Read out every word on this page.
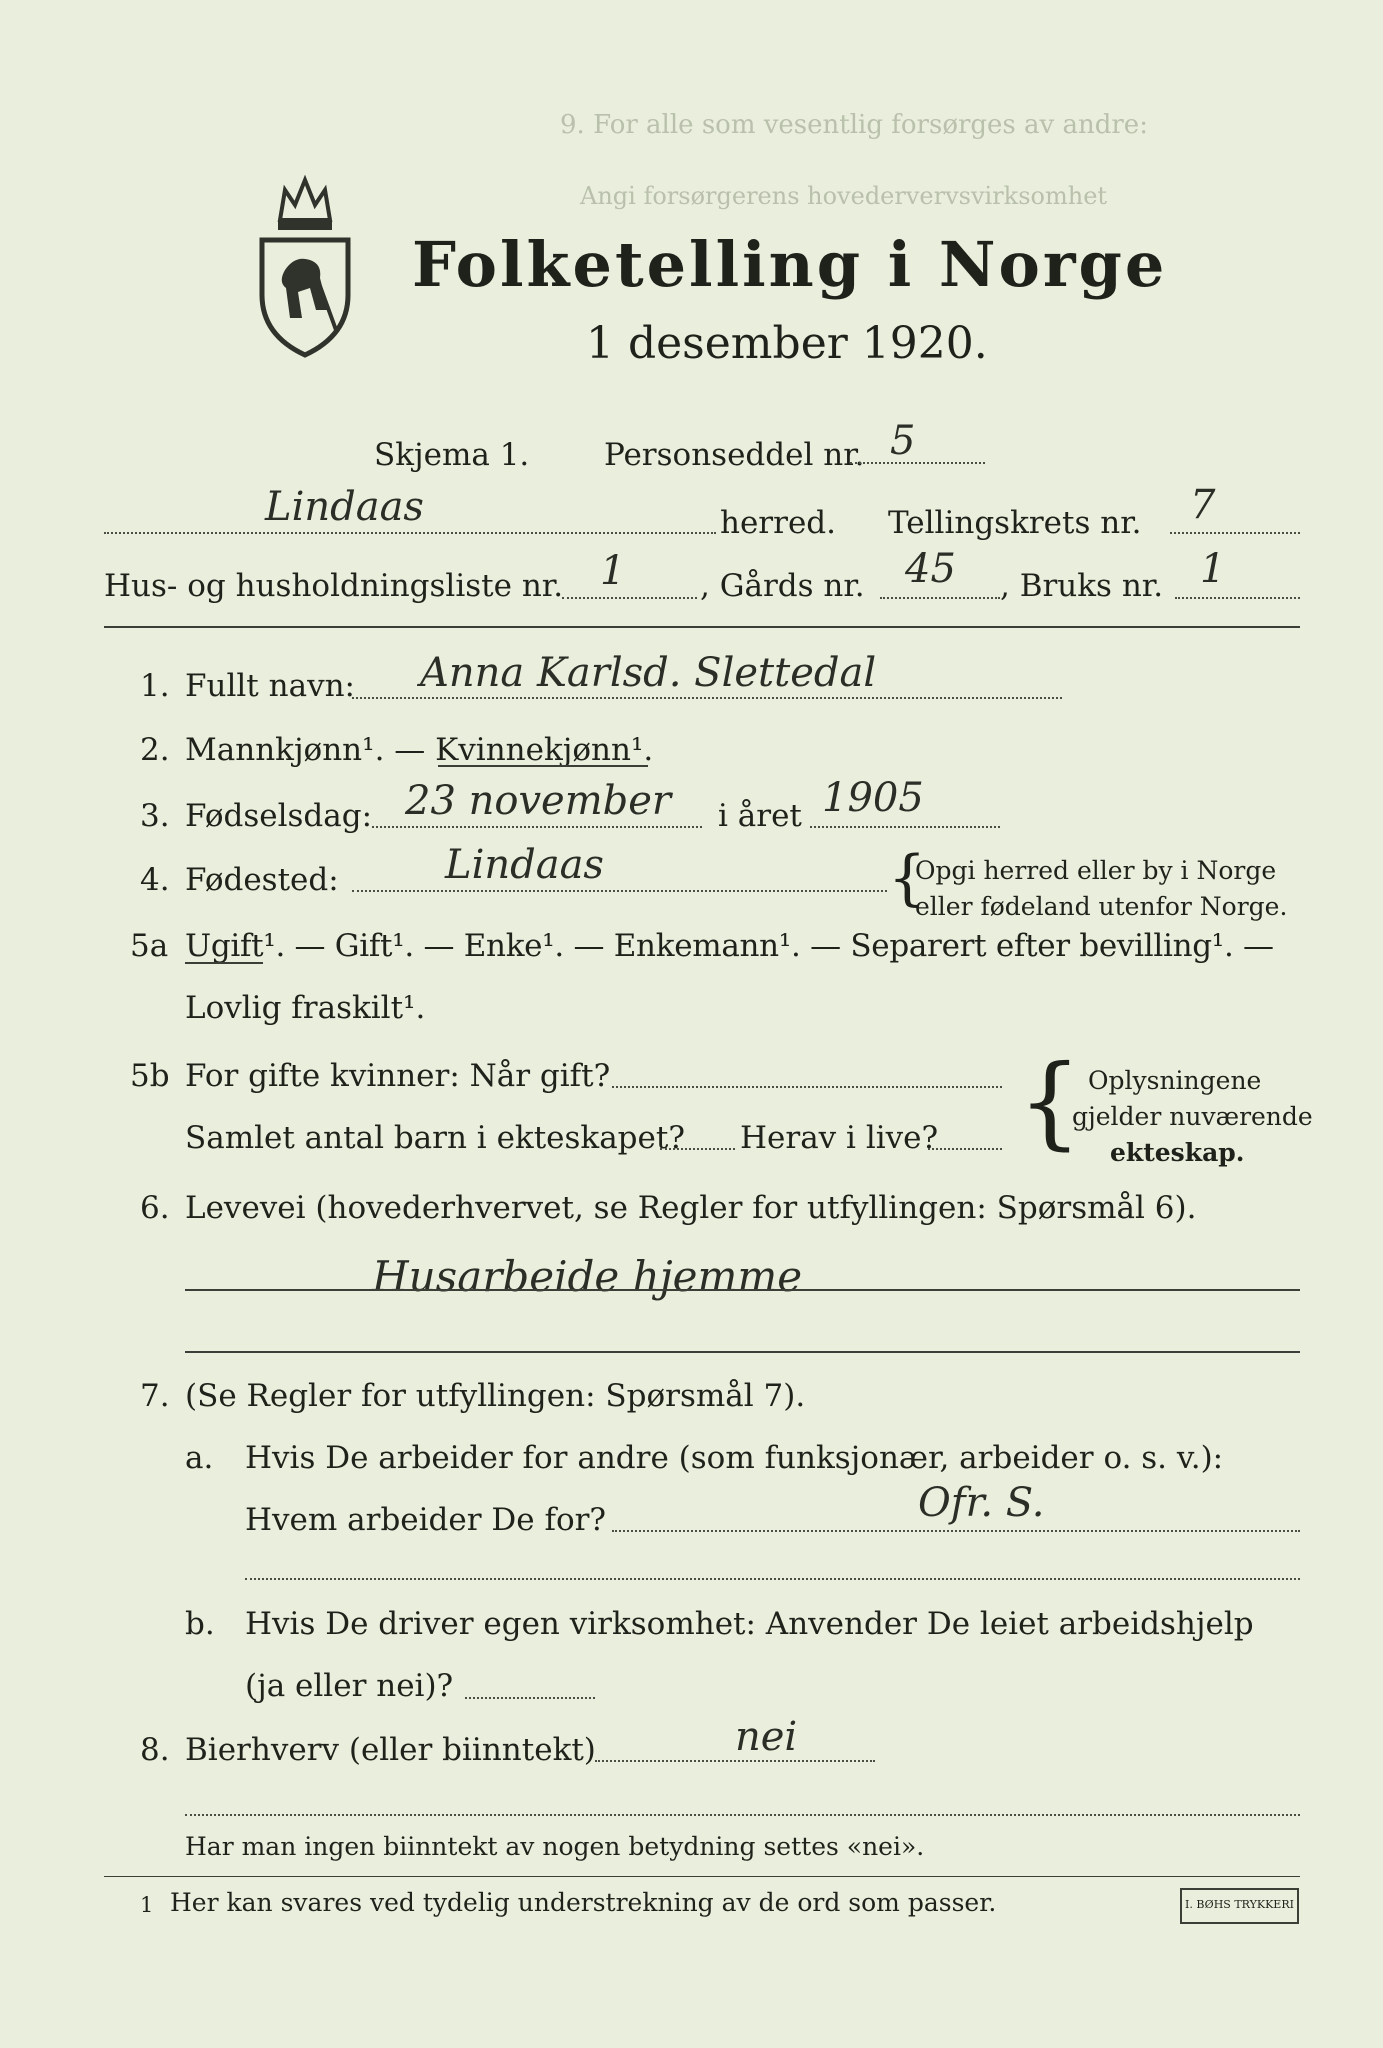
9. For alle som vesentlig forsørges av andre:
Angi forsørgerens hovedervervsvirksomhet
Folketelling i Norge
1 desember 1920.
Skjema 1. Personseddel nr. 5
Lindaas	herred. Tellingskrets nr. 7
Hus- og husholdningsliste nr. 1 , Gårds nr. 45 , Bruks nr. 1
1. Fullt navn: Anna Karlsd. Slettedal
2. Mannkjønn¹. — Kvinnekjønn¹.
3. Fødselsdag: 23 november i året 1905
4. Fødested:	Lindaas	{
Opgi herred eller by i Norge
eller fødeland utenfor Norge.
5a Ugift¹. — Gift¹. — Enke¹. — Enkemann¹. — Separert efter bevilling¹. —
Lovlig fraskilt¹.
5b For gifte kvinner: Når gift?
Samlet antal barn i ekteskapet? Herav i live? { Oplysningene
gjelder nuværende
ekteskap.
6. Levevei (hovederhvervet, se Regler for utfyllingen: Spørsmål 6).
Husarbeide hjemme
7. (Se Regler for utfyllingen: Spørsmål 7).
a. Hvis De arbeider for andre (som funksjonær, arbeider o. s. v.):
Hvem arbeider De for?	Ofr. S.
b. Hvis De driver egen virksomhet: Anvender De leiet arbeidshjelp
(ja eller nei)?
8. Bierhverv (eller biinntekt)	nei
Har man ingen biinntekt av nogen betydning settes «nei».
1 Her kan svares ved tydelig understrekning av de ord som passer.	I. BØHS TRYKKERI
